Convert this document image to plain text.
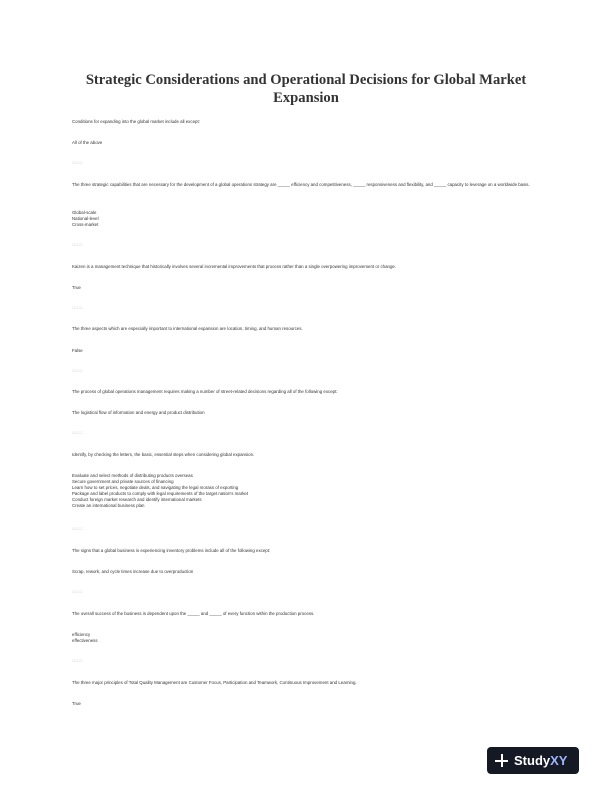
Strategic Considerations and Operational Decisions for Global Market Expansion
Conditions for expanding into the global market include all except:
All of the above
□□□□
The three strategic capabilities that are necessary for the development of a global operations strategy are _____ efficiency and competitiveness, _____ responsiveness and flexibility, and _____ capacity to leverage on a worldwide basis.
Global-scale
National-level
Cross-market
□□□□
Kaizen is a management technique that historically involves several incremental improvements that process rather than a single overpowering improvement or change.
True
□□□□
The three aspects which are especially important to international expansion are location, timing, and human resources.
False
□□□□
The process of global operations management requires making a number of street-related decisions regarding all of the following except:
The logistical flow of information and energy and product distribution
□□□□
Identify, by checking the letters, the basic, essential steps when considering global expansion.
Evaluate and select methods of distributing products overseas
Secure government and private sources of financing
Learn how to set prices, negotiate deals, and navigating the legal morass of exporting
Package and label products to comply with legal requirements of the target nation's market
Conduct foreign market research and identify international markets
Create an international business plan
□□□□
The signs that a global business is experiencing inventory problems include all of the following except:
Scrap, rework, and cycle times increase due to overproduction
□□□□
The overall success of the business is dependent upon the _____ and _____ of every function within the production process.
efficiency
effectiveness
□□□□
The three major principles of Total Quality Management are Customer Focus, Participation and Teamwork, Continuous Improvement and Learning.
True
StudyXY
